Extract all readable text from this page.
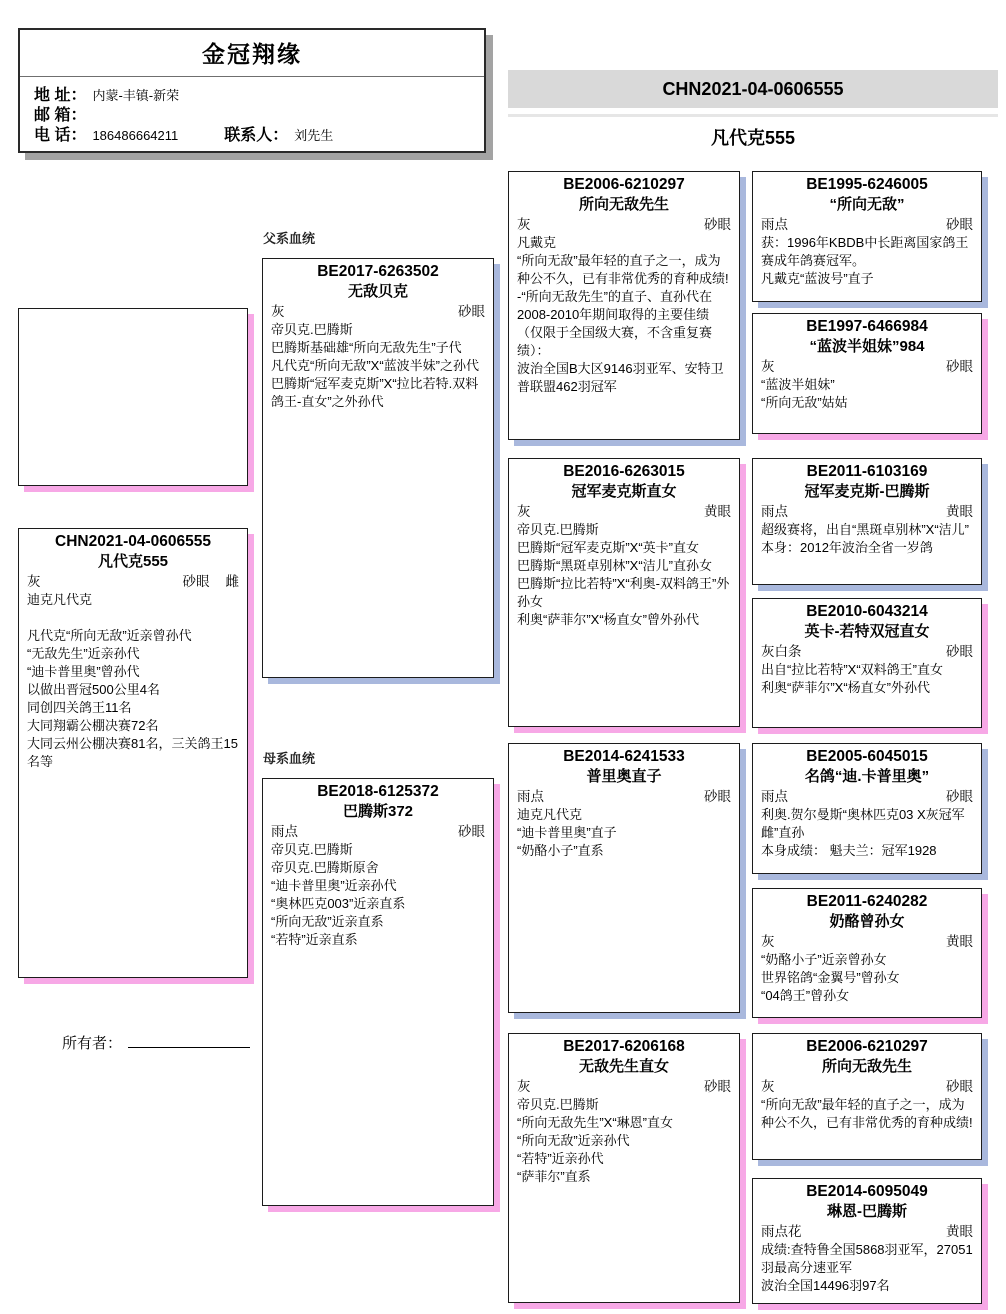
金冠翔缘
地 址： 内蒙-丰镇-新荣
邮 箱：
电 话： 186486664211	联系人： 刘先生
CHN2021-04-0606555
凡代克555
父系血统
母系血统
CHN2021-04-0606555
凡代克555
灰	砂眼 雌
迪克凡代克
凡代克“所向无敌”近亲曾孙代
“无敌先生”近亲孙代
“迪卡普里奥”曾孙代
以做出晋冠500公里4名
同创四关鸽王11名
大同翔霸公棚决赛72名
大同云州公棚决赛81名，三关鸽王15名等
所有者：
BE2017-6263502
无敌贝克
灰	砂眼
帝贝克.巴腾斯
巴腾斯基础雄“所向无敌先生”子代
凡代克“所向无敌”X“蓝波半妹”之孙代
巴腾斯“冠军麦克斯”X“拉比若特.双料鸽王-直女”之外孙代
BE2018-6125372
巴腾斯372
雨点	砂眼
帝贝克.巴腾斯
帝贝克.巴腾斯原舍
“迪卡普里奥”近亲孙代
“奥林匹克003”近亲直系
“所向无敌”近亲直系
“若特”近亲直系
BE2006-6210297
所向无敌先生
灰	砂眼
凡戴克
“所向无敌”最年轻的直子之一，成为种公不久，已有非常优秀的育种成绩!
-“所向无敌先生”的直子、直孙代在2008-2010年期间取得的主要佳绩（仅限于全国级大赛，不含重复赛绩）：
波治全国B大区9146羽亚军、安特卫普联盟462羽冠军
BE2016-6263015
冠军麦克斯直女
灰	黄眼
帝贝克.巴腾斯
巴腾斯“冠军麦克斯”X“英卡”直女
巴腾斯“黑斑卓别林”X“洁儿”直孙女
巴腾斯“拉比若特”X“利奥-双料鸽王”外孙女
利奥“萨菲尔”X“杨直女”曾外孙代
BE2014-6241533
普里奥直子
雨点	砂眼
迪克凡代克
“迪卡普里奥”直子
“奶酪小子”直系
BE2017-6206168
无敌先生直女
灰	砂眼
帝贝克.巴腾斯
“所向无敌先生”X“琳恩”直女
“所向无敌”近亲孙代
“若特”近亲孙代
“萨菲尔”直系
BE1995-6246005
“所向无敌”
雨点	砂眼
获：1996年KBDB中长距离国家鸽王赛成年鸽赛冠军。
凡戴克“蓝波号”直子
BE1997-6466984
“蓝波半姐妹”984
灰	砂眼
“蓝波半姐妹”
“所向无敌”姑姑
BE2011-6103169
冠军麦克斯-巴腾斯
雨点	黄眼
超级赛将，出自“黑斑卓别林”X“洁儿”
本身：2012年波治全省一岁鸽
BE2010-6043214
英卡-若特双冠直女
灰白条	砂眼
出自“拉比若特”X“双料鸽王”直女
利奥“萨菲尔”X“杨直女”外孙代
BE2005-6045015
名鸽“迪.卡普里奥”
雨点	砂眼
利奥.贺尔曼斯“奥林匹克03 X灰冠军雌”直孙
本身成绩： 魁夫兰：冠军1928
BE2011-6240282
奶酪曾孙女
灰	黄眼
“奶酪小子”近亲曾孙女
世界铭鸽“金翼号”曾孙女
“04鸽王”曾孙女
BE2006-6210297
所向无敌先生
灰	砂眼
“所向无敌”最年轻的直子之一，成为种公不久，已有非常优秀的育种成绩!
BE2014-6095049
琳恩-巴腾斯
雨点花	黄眼
成绩:查特鲁全国5868羽亚军，27051羽最高分速亚军
波治全国14496羽97名
